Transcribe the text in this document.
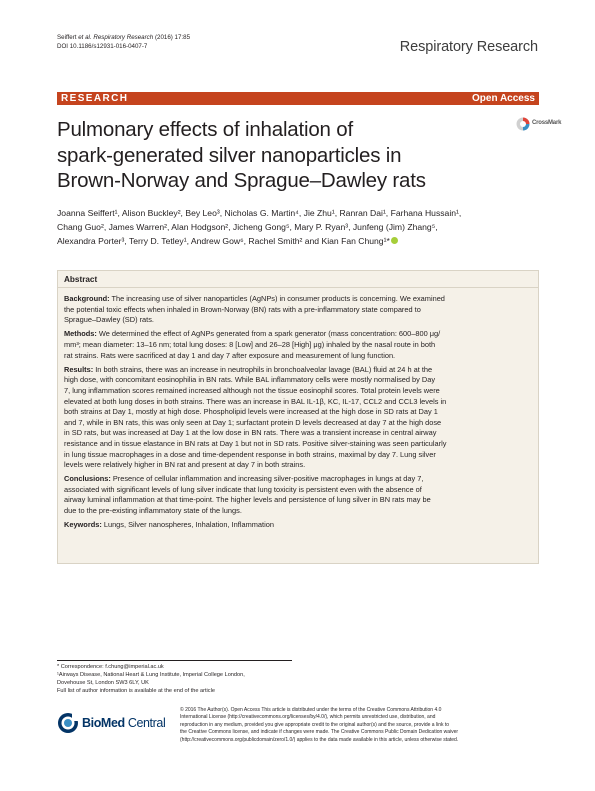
Seiffert et al. Respiratory Research (2016) 17:85
DOI 10.1186/s12931-016-0407-7	Respiratory Research
RESEARCH	Open Access
CrossMark
Pulmonary effects of inhalation of
spark-generated silver nanoparticles in
Brown-Norway and Sprague–Dawley rats
Joanna Seiffert¹, Alison Buckley², Bey Leo³, Nicholas G. Martin⁴, Jie Zhu¹, Ranran Dai¹, Farhana Hussain¹,
Chang Guo², James Warren², Alan Hodgson², Jicheng Gong⁵, Mary P. Ryan³, Junfeng (Jim) Zhang⁵,
Alexandra Porter³, Terry D. Tetley¹, Andrew Gow⁶, Rachel Smith² and Kian Fan Chung¹*
Abstract
Background: The increasing use of silver nanoparticles (AgNPs) in consumer products is concerning. We examined
the potential toxic effects when inhaled in Brown-Norway (BN) rats with a pre-inflammatory state compared to
Sprague–Dawley (SD) rats.
Methods: We determined the effect of AgNPs generated from a spark generator (mass concentration: 600–800 μg/
mm³; mean diameter: 13–16 nm; total lung doses: 8 [Low] and 26–28 [High] μg) inhaled by the nasal route in both
rat strains. Rats were sacrificed at day 1 and day 7 after exposure and measurement of lung function.
Results: In both strains, there was an increase in neutrophils in bronchoalveolar lavage (BAL) fluid at 24 h at the
high dose, with concomitant eosinophilia in BN rats. While BAL inflammatory cells were mostly normalised by Day
7, lung inflammation scores remained increased although not the tissue eosinophil scores. Total protein levels were
elevated at both lung doses in both strains. There was an increase in BAL IL-1β, KC, IL-17, CCL2 and CCL3 levels in
both strains at Day 1, mostly at high dose. Phospholipid levels were increased at the high dose in SD rats at Day 1
and 7, while in BN rats, this was only seen at Day 1; surfactant protein D levels decreased at day 7 at the high dose
in SD rats, but was increased at Day 1 at the low dose in BN rats. There was a transient increase in central airway
resistance and in tissue elastance in BN rats at Day 1 but not in SD rats. Positive silver-staining was seen particularly
in lung tissue macrophages in a dose and time-dependent response in both strains, maximal by day 7. Lung silver
levels were relatively higher in BN rat and present at day 7 in both strains.
Conclusions: Presence of cellular inflammation and increasing silver-positive macrophages in lungs at day 7,
associated with significant levels of lung silver indicate that lung toxicity is persistent even with the absence of
airway luminal inflammation at that time-point. The higher levels and persistence of lung silver in BN rats may be
due to the pre-existing inflammatory state of the lungs.
Keywords: Lungs, Silver nanospheres, Inhalation, Inflammation
* Correspondence: f.chung@imperial.ac.uk
¹Airways Disease, National Heart & Lung Institute, Imperial College London,
Dovehouse St, London SW3 6LY, UK
Full list of author information is available at the end of the article
BioMed Central
© 2016 The Author(s). Open Access This article is distributed under the terms of the Creative Commons Attribution 4.0
International License (http://creativecommons.org/licenses/by/4.0/), which permits unrestricted use, distribution, and
reproduction in any medium, provided you give appropriate credit to the original author(s) and the source, provide a link to
the Creative Commons license, and indicate if changes were made. The Creative Commons Public Domain Dedication waiver
(http://creativecommons.org/publicdomain/zero/1.0/) applies to the data made available in this article, unless otherwise stated.
